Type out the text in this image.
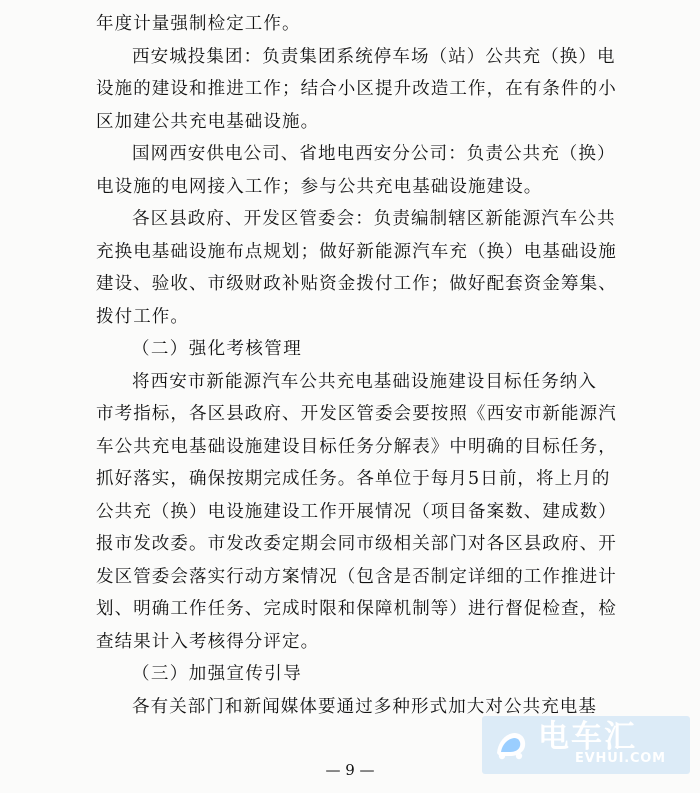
年度计量强制检定工作。
西安城投集团：负责集团系统停车场（站）公共充（换）电
设施的建设和推进工作；结合小区提升改造工作，在有条件的小
区加建公共充电基础设施。
国网西安供电公司、省地电西安分公司：负责公共充（换）
电设施的电网接入工作；参与公共充电基础设施建设。
各区县政府、开发区管委会：负责编制辖区新能源汽车公共
充换电基础设施布点规划；做好新能源汽车充（换）电基础设施
建设、验收、市级财政补贴资金拨付工作；做好配套资金筹集、
拨付工作。
（二）强化考核管理
将西安市新能源汽车公共充电基础设施建设目标任务纳入
市考指标，各区县政府、开发区管委会要按照《西安市新能源汽
车公共充电基础设施建设目标任务分解表》中明确的目标任务，
抓好落实，确保按期完成任务。各单位于每月5日前，将上月的
公共充（换）电设施建设工作开展情况（项目备案数、建成数）
报市发改委。市发改委定期会同市级相关部门对各区县政府、开
发区管委会落实行动方案情况（包含是否制定详细的工作推进计
划、明确工作任务、完成时限和保障机制等）进行督促检查，检
查结果计入考核得分评定。
（三）加强宣传引导
各有关部门和新闻媒体要通过多种形式加大对公共充电基
— 9 —
电车汇
EVHUI.COM
